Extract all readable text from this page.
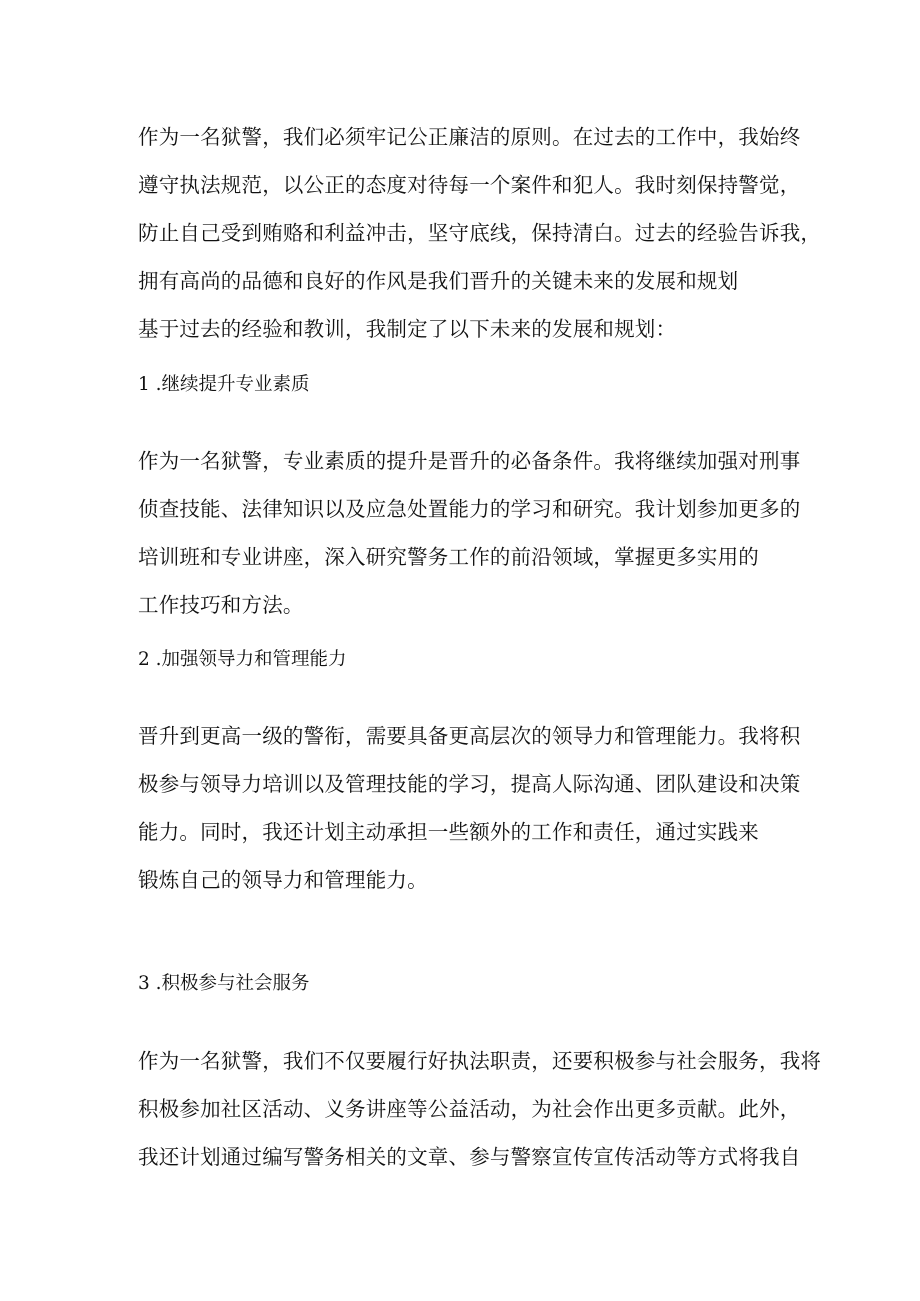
作为一名狱警，我们必须牢记公正廉洁的原则。在过去的工作中，我始终
遵守执法规范，以公正的态度对待每一个案件和犯人。我时刻保持警觉，
防止自己受到贿赂和利益冲击，坚守底线，保持清白。过去的经验告诉我，
拥有高尚的品德和良好的作风是我们晋升的关键未来的发展和规划
基于过去的经验和教训，我制定了以下未来的发展和规划：
1 .继续提升专业素质
作为一名狱警，专业素质的提升是晋升的必备条件。我将继续加强对刑事
侦查技能、法律知识以及应急处置能力的学习和研究。我计划参加更多的
培训班和专业讲座，深入研究警务工作的前沿领域，掌握更多实用的
工作技巧和方法。
2 .加强领导力和管理能力
晋升到更高一级的警衔，需要具备更高层次的领导力和管理能力。我将积
极参与领导力培训以及管理技能的学习，提高人际沟通、团队建设和决策
能力。同时，我还计划主动承担一些额外的工作和责任，通过实践来
锻炼自己的领导力和管理能力。
3 .积极参与社会服务
作为一名狱警，我们不仅要履行好执法职责，还要积极参与社会服务，我将
积极参加社区活动、义务讲座等公益活动，为社会作出更多贡献。此外，
我还计划通过编写警务相关的文章、参与警察宣传宣传活动等方式将我自
